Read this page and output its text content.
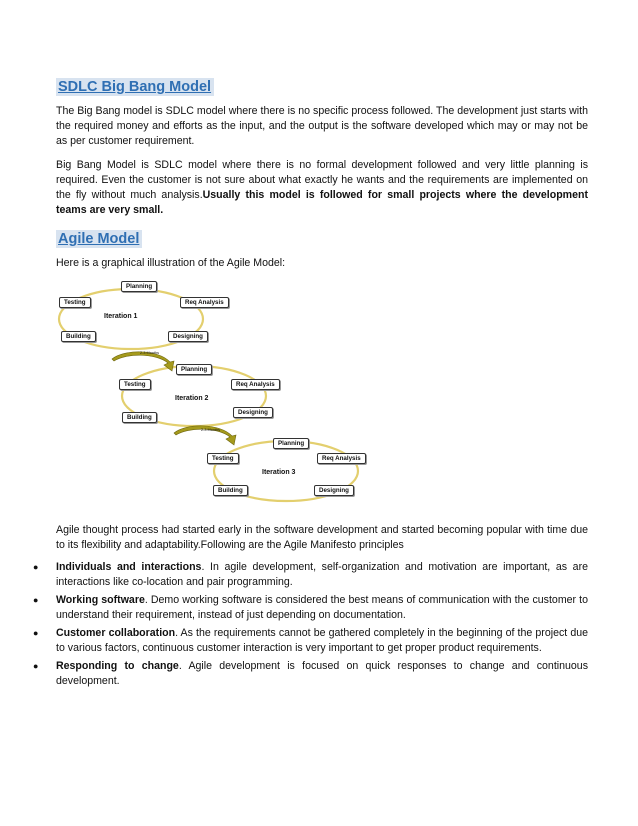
SDLC Big Bang Model

The Big Bang model is SDLC model where there is no specific process followed. The development just starts with the required money and efforts as the input, and the output is the software developed which may or may not be as per customer requirement.

Big Bang Model is SDLC model where there is no formal development followed and very little planning is required. Even the customer is not sure about what exactly he wants and the requirements are implemented on the fly without much analysis.Usually this model is followed for small projects where the development teams are very small.

Agile Model

Here is a graphical illustration of the Agile Model:

Planning
Req Analysis
Testing
Iteration 1
Building	Designing
2-3 Months
Planning
Req Analysis
Testing
Iteration 2
Designing
Building
2-3 Months
Planning
Testing	Req Analysis
Iteration 3
Building	Designing

Agile thought process had started early in the software development and started becoming popular with time due to its flexibility and adaptability.Following are the Agile Manifesto principles

● Individuals and interactions. In agile development, self-organization and motivation are important, as are interactions like co-location and pair programming.
● Working software. Demo working software is considered the best means of communication with the customer to understand their requirement, instead of just depending on documentation.
● Customer collaboration. As the requirements cannot be gathered completely in the beginning of the project due to various factors, continuous customer interaction is very important to get proper product requirements.
● Responding to change. Agile development is focused on quick responses to change and continuous development.
